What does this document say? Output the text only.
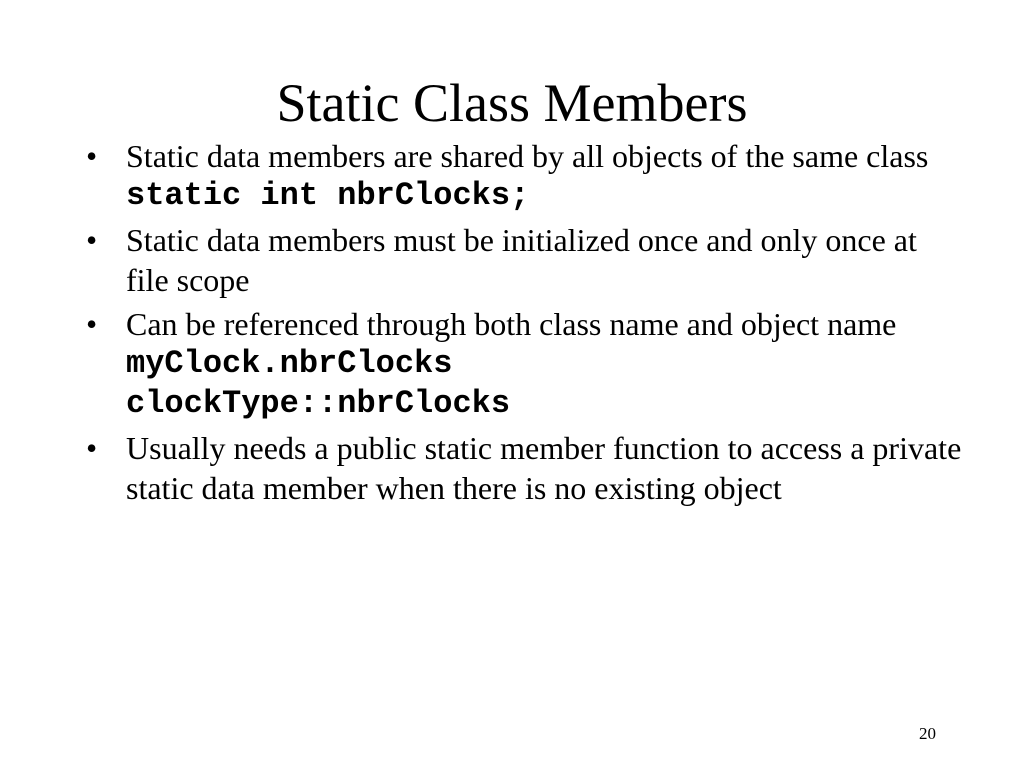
Static Class Members
• Static data members are shared by all objects of the same class
static int nbrClocks;
• Static data members must be initialized once and only once at file scope
• Can be referenced through both class name and object name
myClock.nbrClocks
clockType::nbrClocks
• Usually needs a public static member function to access a private static data member when there is no existing object
20
